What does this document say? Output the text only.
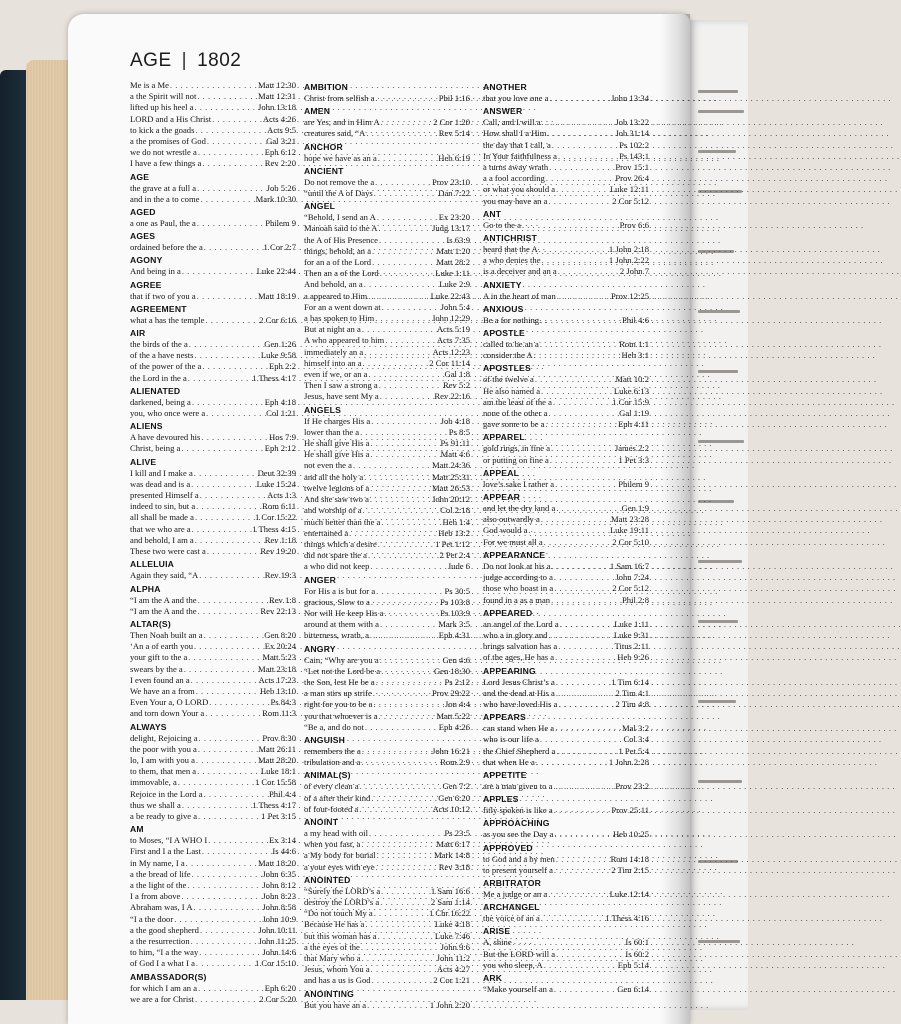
AGE | 1802
Me is a Me . . .	Matt 12:30
a the Spirit will not . . .	Matt 12:31
lifted up his heel a . . .	John 13:18
LORD and a His Christ . . .	Acts 4:26
to kick a the goads . . .	Acts 9:5
a the promises of God . . .	Gal 3:21
we do not wrestle a . . .	Eph 6:12
I have a few things a . . .	Rev 2:20
AGE
the grave at a full a . . .	Job 5:26
and in the a to come . . .	Mark 10:30
AGED
a one as Paul, the a . . .	Philem 9
AGES
ordained before the a . . .	1 Cor 2:7
AGONY
And being in a . . .	Luke 22:44
AGREE
that if two of you a . . .	Matt 18:19
AGREEMENT
what a has the temple . . .	2 Cor 6:16
AIR
the birds of the a . . .	Gen 1:26
of the a have nests . . .	Luke 9:58
of the power of the a . . .	Eph 2:2
the Lord in the a . . .	1 Thess 4:17
ALIENATED
darkened, being a . . .	Eph 4:18
you, who once were a . . .	Col 1:21
ALIENS
A have devoured his . . .	Hos 7:9
Christ, being a . . .	Eph 2:12
ALIVE
I kill and I make a . . .	Deut 32:39
was dead and is a . . .	Luke 15:24
presented Himself a . . .	Acts 1:3
indeed to sin, but a . . .	Rom 6:11
all shall be made a . . .	1 Cor 15:22
that we who are a . . .	1 Thess 4:15
and behold, I am a . . .	Rev 1:18
These two were cast a . . .	Rev 19:20
ALLELUIA
Again they said, “A . . .	Rev 19:3
ALPHA
“I am the A and the . . .	Rev 1:8
“I am the A and the . . .	Rev 22:13
ALTAR(S)
Then Noah built an a . . .	Gen 8:20
‘An a of earth you . . .	Ex 20:24
your gift to the a . . .	Matt 5:23
swears by the a . . .	Matt 23:18
I even found an a . . .	Acts 17:23
We have an a from . . .	Heb 13:10
Even Your a, O LORD . . .	Ps 84:3
and torn down Your a . . .	Rom 11:3
ALWAYS
delight, Rejoicing a . . .	Prov 8:30
the poor with you a . . .	Matt 26:11
lo, I am with you a . . .	Matt 28:20
to them, that men a . . .	Luke 18:1
immovable, a . . .	1 Cor 15:58
Rejoice in the Lord a . . .	Phil 4:4
thus we shall a . . .	1 Thess 4:17
a be ready to give a . . .	1 Pet 3:15
AM
to Moses, “I A WHO I . . .	Ex 3:14
First and I a the Last . . .	Is 44:6
in My name, I a . . .	Matt 18:20
a the bread of life . . .	John 6:35
a the light of the . . .	John 8:12
I a from above . . .	John 8:23
Abraham was, I A . . .	John 8:58
“I a the door . . .	John 10:9
a the good shepherd . . .	John 10:11
a the resurrection . . .	John 11:25
to him, “I a the way . . .	John 14:6
of God I a what I a . . .	1 Cor 15:10
AMBASSADOR(S)
for which I am an a . . .	Eph 6:20
we are a for Christ . . .	2 Cor 5:20
AMBITION
Christ from selfish a . . .	Phil 1:16
AMEN
are Yes, and in Him A . . .	2 Cor 1:20
creatures said, “A . . .	Rev 5:14
ANCHOR
hope we have as an a . . .	Heb 6:19
ANCIENT
Do not remove the a . . .	Prov 23:10
“until the A of Days . . .	Dan 7:22
ANGEL
“Behold, I send an A . . .	Ex 23:20
Manoah said to the A . . .	Judg 13:17
the A of His Presence . . .	Is 63:9
things, behold, an a . . .	Matt 1:20
for an a of the Lord . . .	Matt 28:2
Then an a of the Lord . . .	Luke 1:11
And behold, an a . . .	Luke 2:9
a appeared to Him . . .	Luke 22:43
For an a went down at . . .	John 5:4
a has spoken to Him . . .	John 12:29
But at night an a . . .	Acts 5:19
A who appeared to him . . .	Acts 7:35
immediately an a . . .	Acts 12:23
himself into an a . . .	2 Cor 11:14
even if we, or an a . . .	Gal 1:8
Then I saw a strong a . . .	Rev 5:2
Jesus, have sent My a . . .	Rev 22:16
ANGELS
If He charges His a . . .	Job 4:18
lower than the a . . .	Ps 8:5
He shall give His a . . .	Ps 91:11
He shall give His a . . .	Matt 4:6
not even the a . . .	Matt 24:36
and all the holy a . . .	Matt 25:31
twelve legions of a . . .	Matt 26:53
And she saw two a . . .	John 20:12
and worship of a . . .	Col 2:18
much better than the a . . .	Heb 1:4
entertained a . . .	Heb 13:2
things which a desire . . .	1 Pet 1:12
did not spare the a . . .	2 Pet 2:4
a who did not keep . . .	Jude 6
ANGER
For His a is but for a . . .	Ps 30:5
gracious, Slow to a . . .	Ps 103:8
Nor will He keep His a . . .	Ps 103:9
around at them with a . . .	Mark 3:5
bitterness, wrath, a . . .	Eph 4:31
ANGRY
Cain, “Why are you a . . .	Gen 4:6
“Let not the Lord be a . . .	Gen 18:30
the Son, lest He be a . . .	Ps 2:12
a man stirs up strife . . .	Prov 29:22
right for you to be a . . .	Jon 4:4
you that whoever is a . . .	Matt 5:22
“Be a, and do not . . .	Eph 4:26
ANGUISH
remembers the a . . .	John 16:21
tribulation and a . . .	Rom 2:9
ANIMAL(S)
of every clean a . . .	Gen 7:2
of a after their kind . . .	Gen 6:20
of four-footed a . . .	Acts 10:12
ANOINT
a my head with oil . . .	Ps 23:5
when you fast, a . . .	Matt 6:17
a My body for burial . . .	Mark 14:8
a your eyes with eye . . .	Rev 3:18
ANOINTED
“Surely the LORD’s a . . .	1 Sam 16:6
destroy the LORD’s a . . .	2 Sam 1:14
“Do not touch My a . . .	1 Chr 16:22
Because He has a . . .	Luke 4:18
but this woman has a . . .	Luke 7:46
a the eyes of the . . .	John 9:6
that Mary who a . . .	John 11:2
Jesus, whom You a . . .	Acts 4:27
and has a us is God . . .	2 Cor 1:21
ANOINTING
But you have an a . . .	1 John 2:20
ANOTHER
that you love one a . . .	John 13:34
ANSWER
Call, and I will a . . .	Job 13:22
How shall I a Him . . .	Job 31:14
the day that I call, a . . .	Ps 102:2
In Your faithfulness a . . .	Ps 143:1
a turns away wrath . . .	Prov 15:1
a a fool according . . .	Prov 26:4
or what you should a . . .	Luke 12:11
you may have an a . . .	2 Cor 5:12
ANT
Go to the a . . .	Prov 6:6
ANTICHRIST
heard that the A . . .	1 John 2:18
a who denies the . . .	1 John 2:22
is a deceiver and an a . . .	2 John 7
ANXIETY
A in the heart of man . . .	Prov 12:25
ANXIOUS
Be a for nothing . . .	Phil 4:6
APOSTLE
called to be an a . . .	Rom 1:1
consider the A . . .	Heb 3:1
APOSTLES
of the twelve a . . .	Matt 10:2
He also named a . . .	Luke 6:13
am the least of the a . . .	1 Cor 15:9
none of the other a . . .	Gal 1:19
gave some to be a . . .	Eph 4:11
APPAREL
gold rings, in fine a . . .	James 2:2
or putting on fine a . . .	1 Pet 3:3
APPEAL
love’s sake I rather a . . .	Philem 9
APPEAR
and let the dry land a . . .	Gen 1:9
also outwardly a . . .	Matt 23:28
God would a . . .	Luke 19:11
For we must all a . . .	2 Cor 5:10
APPEARANCE
Do not look at his a . . .	1 Sam 16:7
judge according to a . . .	John 7:24
those who boast in a . . .	2 Cor 5:12
found in a as a man . . .	Phil 2:8
APPEARED
an angel of the Lord a . . .	Luke 1:11
who a in glory and . . .	Luke 9:31
brings salvation has a . . .	Titus 2:11
of the ages, He has a . . .	Heb 9:26
APPEARING
Lord Jesus Christ’s a . . .	1 Tim 6:14
and the dead at His a . . .	2 Tim 4:1
who have loved His a . . .	2 Tim 4:8
APPEARS
can stand when He a . . .	Mal 3:2
who is our life a . . .	Col 3:4
the Chief Shepherd a . . .	1 Pet 5:4
that when He a . . .	1 John 2:28
APPETITE
are a man given to a . . .	Prov 23:2
APPLES
fitly spoken is like a . . .	Prov 25:11
APPROACHING
as you see the Day a . . .	Heb 10:25
APPROVED
to God and a by men . . .	Rom 14:18
to present yourself a . . .	2 Tim 2:15
ARBITRATOR
Me a judge or an a . . .	Luke 12:14
ARCHANGEL
the voice of an a . . .	1 Thess 4:16
ARISE
A, shine . . .	Is 60:1
But the LORD will a . . .	Is 60:2
you who sleep, A . . .	Eph 5:14
ARK
“Make yourself an a . . .	Gen 6:14
